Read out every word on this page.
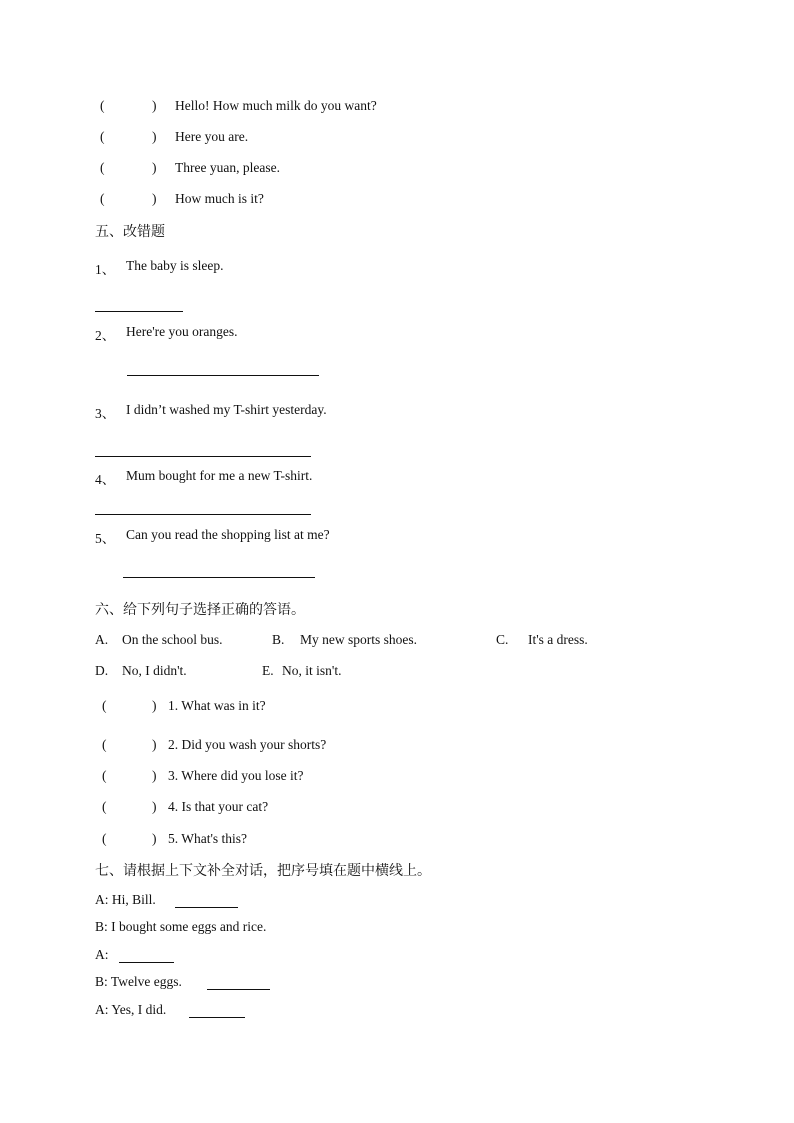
(	) Hello! How much milk do you want?
(	) Here you are.
(	) Three yuan, please.
(	) How much is it?
五、改错题
1、 The baby is sleep.
2、 Here're you oranges.
3、 I didn’t washed my T-shirt yesterday.
4、 Mum bought for me a new T-shirt.
5、 Can you read the shopping list at me?
六、给下列句子选择正确的答语。
A. On the school bus.	B. My new sports shoes.	C. It's a dress.
D. No, I didn't.	E. No, it isn't.
(	) 1. What was in it?
(	) 2. Did you wash your shorts?
(	) 3. Where did you lose it?
(	) 4. Is that your cat?
(	) 5. What's this?
七、请根据上下文补全对话，把序号填在题中横线上。
A: Hi, Bill.
B: I bought some eggs and rice.
A:
B: Twelve eggs.
A: Yes, I did.
